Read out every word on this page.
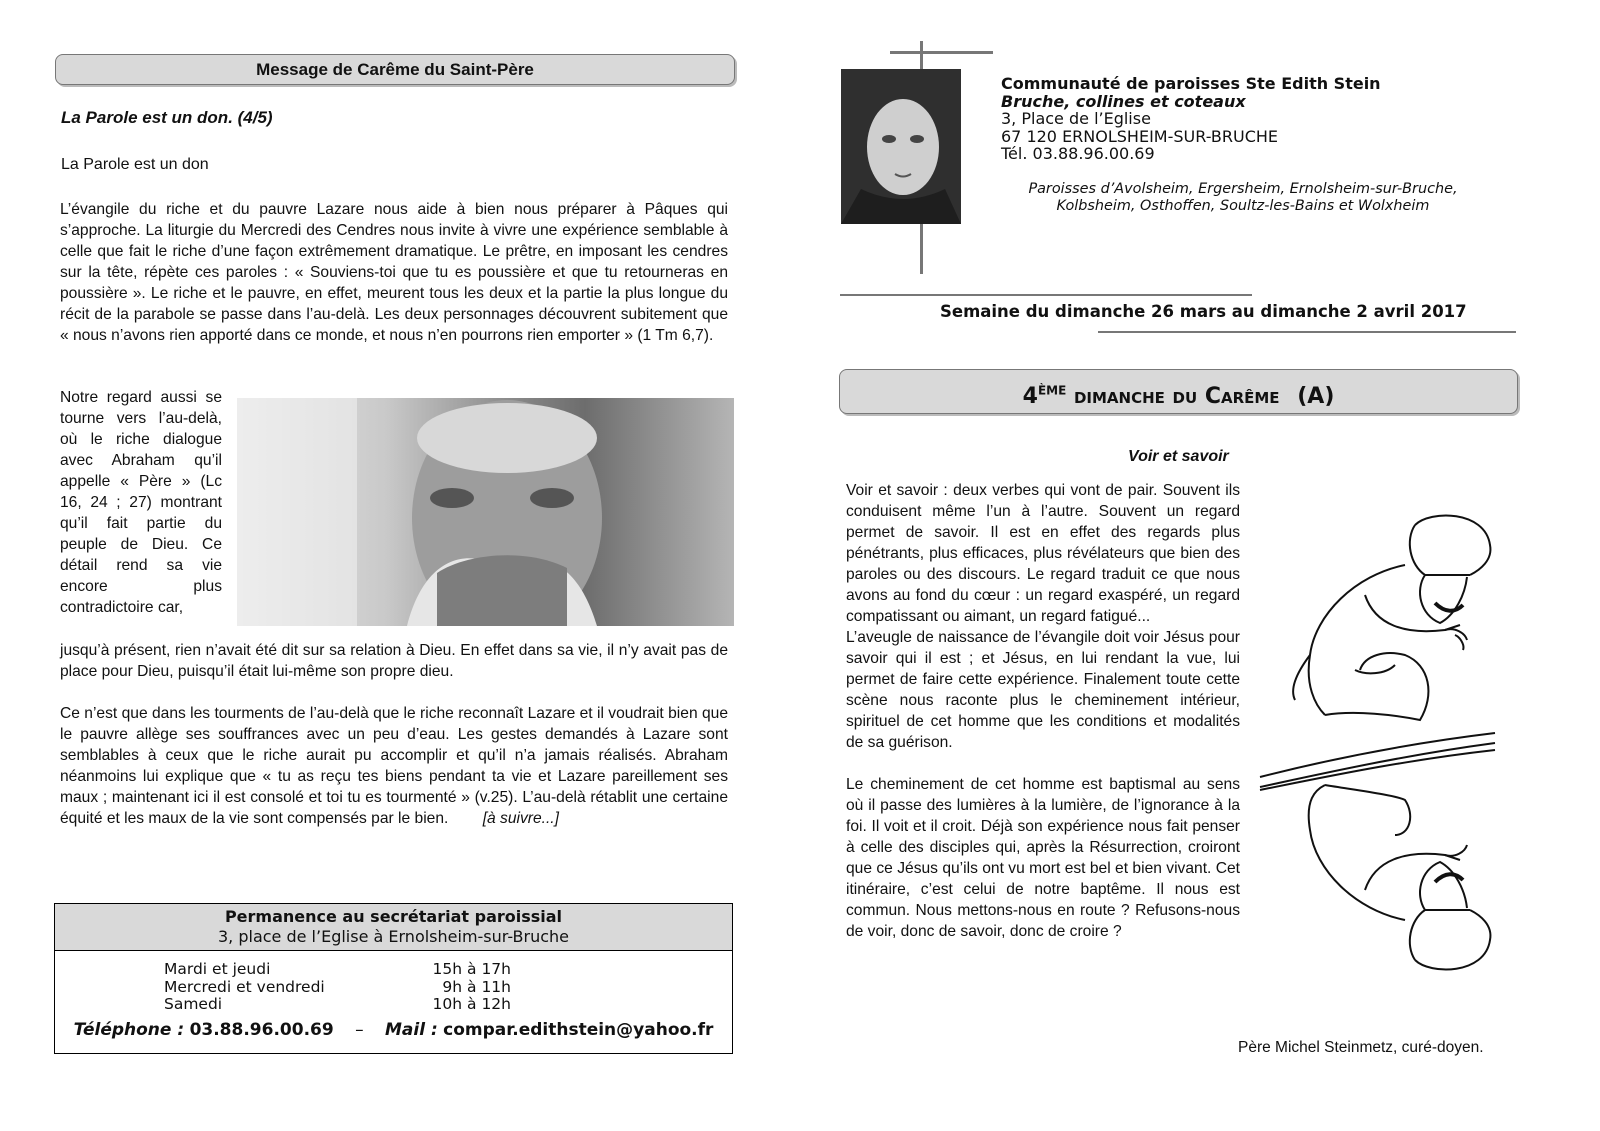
Message de Carême du Saint-Père
La Parole est un don. (4/5)
La Parole est un don

L’évangile du riche et du pauvre Lazare nous aide à bien nous préparer à Pâques qui s’approche. La liturgie du Mercredi des Cendres nous invite à vivre une expérience semblable à celle que fait le riche d’une façon extrêmement dramatique. Le prêtre, en imposant les cendres sur la tête, répète ces paroles : « Souviens-toi que tu es poussière et que tu retourneras en poussière ». Le riche et le pauvre, en effet, meurent tous les deux et la partie la plus longue du récit de la parabole se passe dans l’au-delà. Les deux personnages découvrent subitement que « nous n’avons rien apporté dans ce monde, et nous n’en pourrons rien emporter » (1 Tm 6,7).

Notre regard aussi se tourne vers l’au-delà, où le riche dialogue avec Abraham qu’il appelle « Père » (Lc 16, 24 ; 27) montrant qu’il fait partie du peuple de Dieu. Ce détail rend sa vie encore plus contradictoire car,

jusqu’à présent, rien n’avait été dit sur sa relation à Dieu. En effet dans sa vie, il n’y avait pas de place pour Dieu, puisqu’il était lui-même son propre dieu.

Ce n’est que dans les tourments de l’au-delà que le riche reconnaît Lazare et il voudrait bien que le pauvre allège ses souffrances avec un peu d’eau. Les gestes demandés à Lazare sont semblables à ceux que le riche aurait pu accomplir et qu’il n’a jamais réalisés. Abraham néanmoins lui explique que « tu as reçu tes biens pendant ta vie et Lazare pareillement ses maux ; maintenant ici il est consolé et toi tu es tourmenté » (v.25). L’au-delà rétablit une certaine équité et les maux de la vie sont compensés par le bien. [à suivre...]

Permanence au secrétariat paroissial
3, place de l’Eglise à Ernolsheim-sur-Bruche
Mardi et jeudi	15h à 17h
Mercredi et vendredi	9h à 11h
Samedi	10h à 12h
Téléphone : 03.88.96.00.69 – Mail : compar.edithstein@yahoo.fr
Communauté de paroisses Ste Edith Stein
Bruche, collines et coteaux
3, Place de l’Eglise
67 120 ERNOLSHEIM-SUR-BRUCHE
Tél. 03.88.96.00.69
Paroisses d’Avolsheim, Ergersheim, Ernolsheim-sur-Bruche,
Kolbsheim, Osthoffen, Soultz-les-Bains et Wolxheim
Semaine du dimanche 26 mars au dimanche 2 avril 2017
4ÈME dimanche du Carême (A)
Voir et savoir

Voir et savoir : deux verbes qui vont de pair. Souvent ils conduisent même l’un à l’autre. Souvent un regard permet de savoir. Il est en effet des regards plus pénétrants, plus efficaces, plus révélateurs que bien des paroles ou des discours. Le regard traduit ce que nous avons au fond du cœur : un regard exaspéré, un regard compatissant ou aimant, un regard fatigué...

L’aveugle de naissance de l’évangile doit voir Jésus pour savoir qui il est ; et Jésus, en lui rendant la vue, lui permet de faire cette expérience. Finalement toute cette scène nous raconte plus le cheminement intérieur, spirituel de cet homme que les conditions et modalités de sa guérison.

Le cheminement de cet homme est baptismal au sens où il passe des lumières à la lumière, de l’ignorance à la foi. Il voit et il croit. Déjà son expérience nous fait penser à celle des disciples qui, après la Résurrection, croiront que ce Jésus qu’ils ont vu mort est bel et bien vivant. Cet itinéraire, c’est celui de notre baptême. Il nous est commun. Nous mettons-nous en route ? Refusons-nous de voir, donc de savoir, donc de croire ?

Père Michel Steinmetz, curé-doyen.
